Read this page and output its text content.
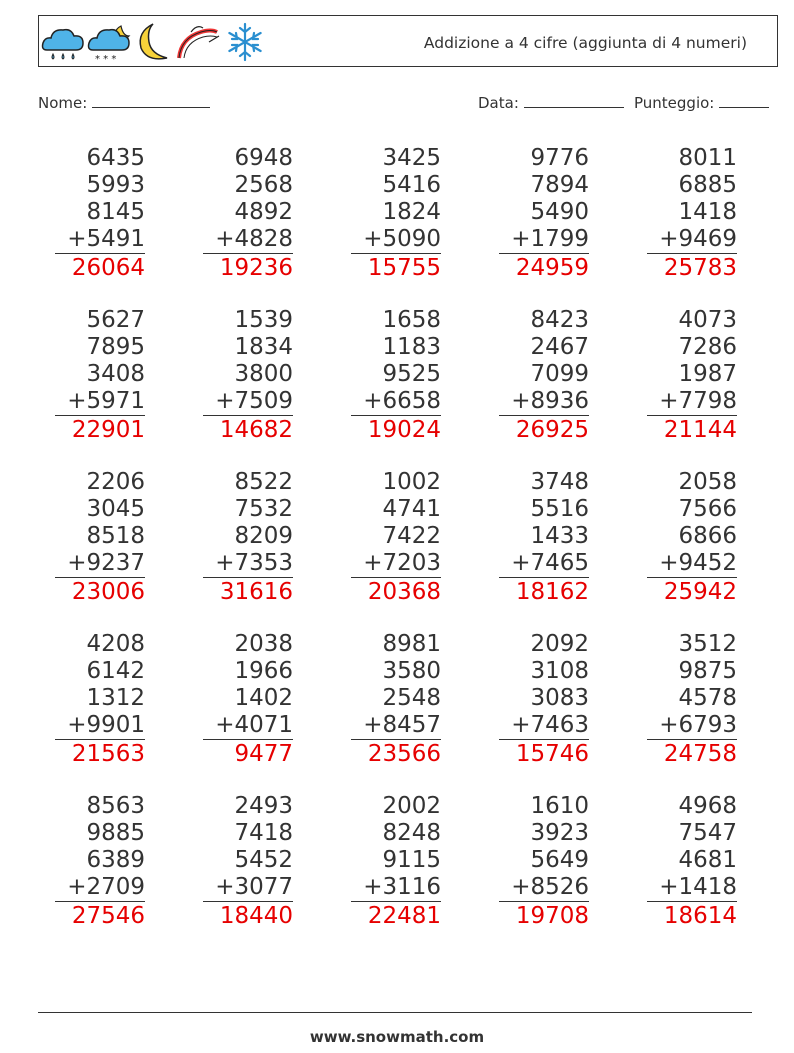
* * *
Addizione a 4 cifre (aggiunta di 4 numeri)
Nome:	Data:	Punteggio:
6435
5993
8145
+5491
26064
6948
2568
4892
+4828
19236
3425
5416
1824
+5090
15755
9776
7894
5490
+1799
24959
8011
6885
1418
+9469
25783
5627
7895
3408
+5971
22901
1539
1834
3800
+7509
14682
1658
1183
9525
+6658
19024
8423
2467
7099
+8936
26925
4073
7286
1987
+7798
21144
2206
3045
8518
+9237
23006
8522
7532
8209
+7353
31616
1002
4741
7422
+7203
20368
3748
5516
1433
+7465
18162
2058
7566
6866
+9452
25942
4208
6142
1312
+9901
21563
2038
1966
1402
+4071
9477
8981
3580
2548
+8457
23566
2092
3108
3083
+7463
15746
3512
9875
4578
+6793
24758
8563
9885
6389
+2709
27546
2493
7418
5452
+3077
18440
2002
8248
9115
+3116
22481
1610
3923
5649
+8526
19708
4968
7547
4681
+1418
18614
www.snowmath.com
